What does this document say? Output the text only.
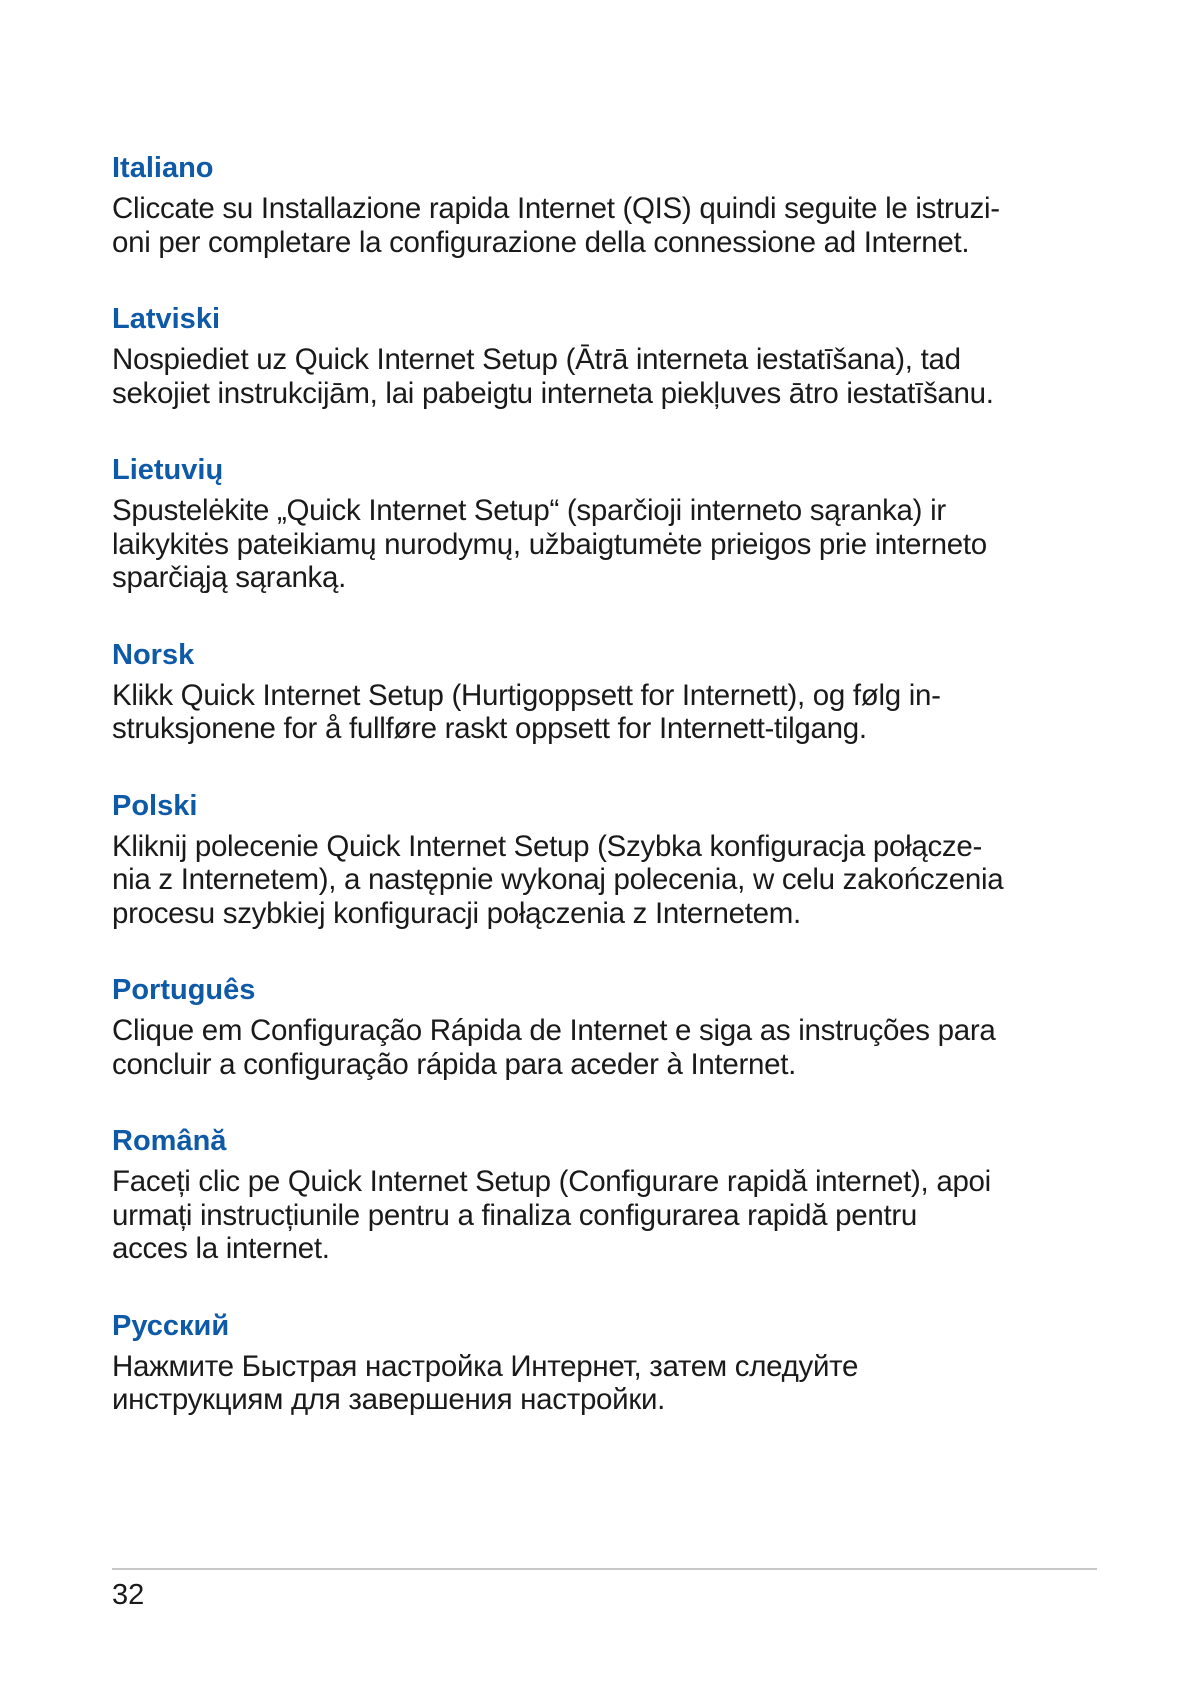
Italiano
Cliccate su Installazione rapida Internet (QIS) quindi seguite le istruzi-
oni per completare la configurazione della connessione ad Internet.
Latviski
Nospiediet uz Quick Internet Setup (Ātrā interneta iestatīšana), tad
sekojiet instrukcijām, lai pabeigtu interneta piekļuves ātro iestatīšanu.
Lietuvių
Spustelėkite „Quick Internet Setup“ (sparčioji interneto sąranka) ir
laikykitės pateikiamų nurodymų, užbaigtumėte prieigos prie interneto
sparčiąją sąranką.
Norsk
Klikk Quick Internet Setup (Hurtigoppsett for Internett), og følg in-
struksjonene for å fullføre raskt oppsett for Internett-tilgang.
Polski
Kliknij polecenie Quick Internet Setup (Szybka konfiguracja połącze-
nia z Internetem), a następnie wykonaj polecenia, w celu zakończenia
procesu szybkiej konfiguracji połączenia z Internetem.
Português
Clique em Configuração Rápida de Internet e siga as instruções para
concluir a configuração rápida para aceder à Internet.
Română
Faceți clic pe Quick Internet Setup (Configurare rapidă internet), apoi
urmați instrucțiunile pentru a finaliza configurarea rapidă pentru
acces la internet.
Русский
Нажмите Быстрая настройка Интернет, затем следуйте
инструкциям для завершения настройки.
32
